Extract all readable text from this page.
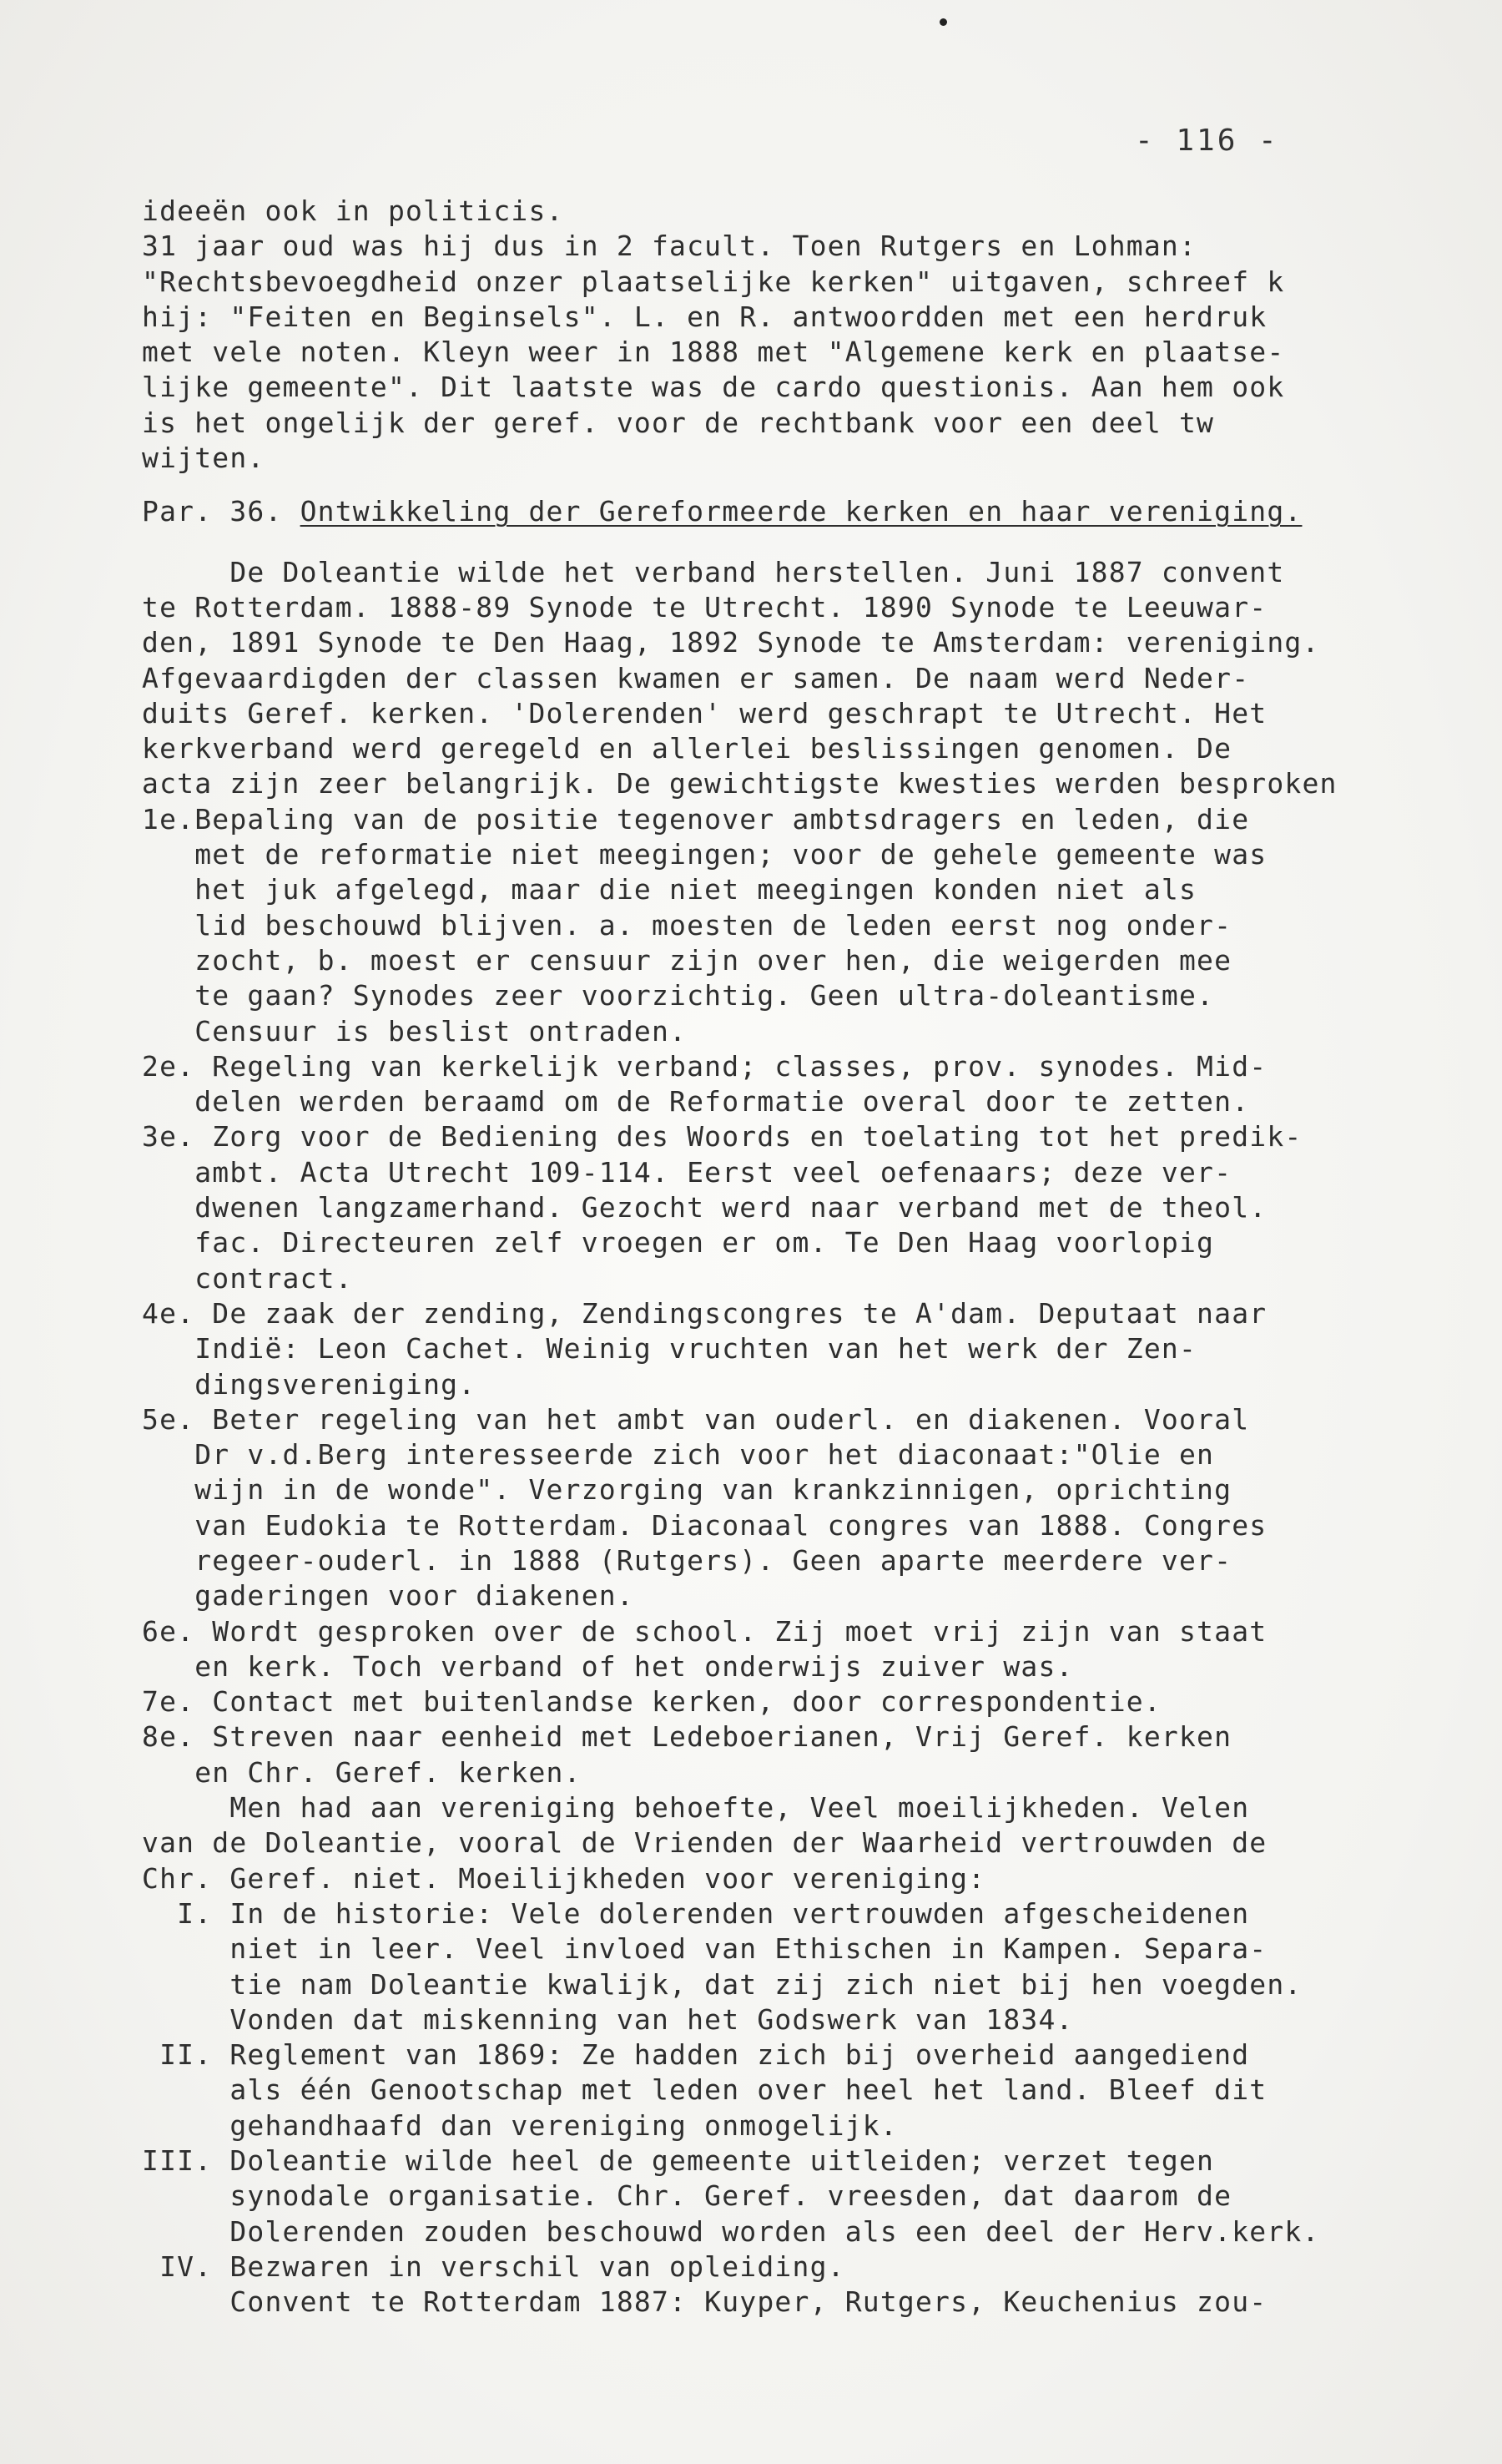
- 116 -
ideeën ook in politicis.
31 jaar oud was hij dus in 2 facult. Toen Rutgers en Lohman:
"Rechtsbevoegdheid onzer plaatselijke kerken" uitgaven, schreef k
hij: "Feiten en Beginsels". L. en R. antwoordden met een herdruk
met vele noten. Kleyn weer in 1888 met "Algemene kerk en plaatse-
lijke gemeente". Dit laatste was de cardo questionis. Aan hem ook
is het ongelijk der geref. voor de rechtbank voor een deel tw
wijten.
Par. 36. Ontwikkeling der Gereformeerde kerken en haar vereniging.
De Doleantie wilde het verband herstellen. Juni 1887 convent
te Rotterdam. 1888-89 Synode te Utrecht. 1890 Synode te Leeuwar-
den, 1891 Synode te Den Haag, 1892 Synode te Amsterdam: vereniging.
Afgevaardigden der classen kwamen er samen. De naam werd Neder-
duits Geref. kerken. 'Dolerenden' werd geschrapt te Utrecht. Het
kerkverband werd geregeld en allerlei beslissingen genomen. De
acta zijn zeer belangrijk. De gewichtigste kwesties werden besproken
1e.Bepaling van de positie tegenover ambtsdragers en leden, die
met de reformatie niet meegingen; voor de gehele gemeente was
het juk afgelegd, maar die niet meegingen konden niet als
lid beschouwd blijven. a. moesten de leden eerst nog onder-
zocht, b. moest er censuur zijn over hen, die weigerden mee
te gaan? Synodes zeer voorzichtig. Geen ultra-doleantisme.
Censuur is beslist ontraden.
2e. Regeling van kerkelijk verband; classes, prov. synodes. Mid-
delen werden beraamd om de Reformatie overal door te zetten.
3e. Zorg voor de Bediening des Woords en toelating tot het predik-
ambt. Acta Utrecht 109-114. Eerst veel oefenaars; deze ver-
dwenen langzamerhand. Gezocht werd naar verband met de theol.
fac. Directeuren zelf vroegen er om. Te Den Haag voorlopig
contract.
4e. De zaak der zending, Zendingscongres te A'dam. Deputaat naar
Indië: Leon Cachet. Weinig vruchten van het werk der Zen-
dingsvereniging.
5e. Beter regeling van het ambt van ouderl. en diakenen. Vooral
Dr v.d.Berg interesseerde zich voor het diaconaat:"Olie en
wijn in de wonde". Verzorging van krankzinnigen, oprichting
van Eudokia te Rotterdam. Diaconaal congres van 1888. Congres
regeer-ouderl. in 1888 (Rutgers). Geen aparte meerdere ver-
gaderingen voor diakenen.
6e. Wordt gesproken over de school. Zij moet vrij zijn van staat
en kerk. Toch verband of het onderwijs zuiver was.
7e. Contact met buitenlandse kerken, door correspondentie.
8e. Streven naar eenheid met Ledeboerianen, Vrij Geref. kerken
en Chr. Geref. kerken.
Men had aan vereniging behoefte, Veel moeilijkheden. Velen
van de Doleantie, vooral de Vrienden der Waarheid vertrouwden de
Chr. Geref. niet. Moeilijkheden voor vereniging:
I. In de historie: Vele dolerenden vertrouwden afgescheidenen
niet in leer. Veel invloed van Ethischen in Kampen. Separa-
tie nam Doleantie kwalijk, dat zij zich niet bij hen voegden.
Vonden dat miskenning van het Godswerk van 1834.
II. Reglement van 1869: Ze hadden zich bij overheid aangediend
als één Genootschap met leden over heel het land. Bleef dit
gehandhaafd dan vereniging onmogelijk.
III. Doleantie wilde heel de gemeente uitleiden; verzet tegen
synodale organisatie. Chr. Geref. vreesden, dat daarom de
Dolerenden zouden beschouwd worden als een deel der Herv.kerk.
IV. Bezwaren in verschil van opleiding.
Convent te Rotterdam 1887: Kuyper, Rutgers, Keuchenius zou-
